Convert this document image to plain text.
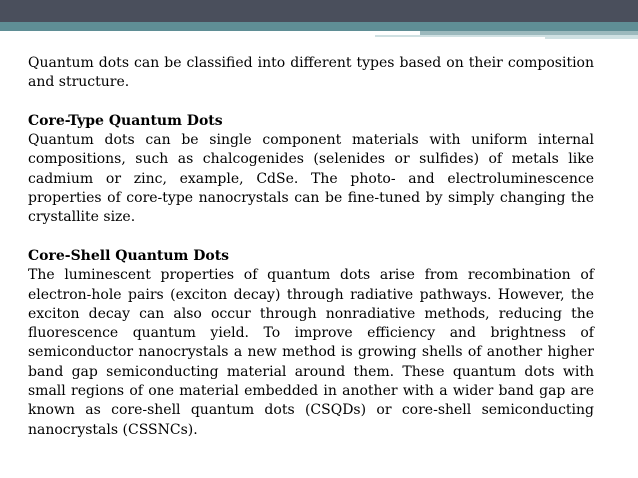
Quantum dots can be classified into different types based on their composition and structure.

Core-Type Quantum Dots

Quantum dots can be single component materials with uniform internal compositions, such as chalcogenides (selenides or sulfides) of metals like cadmium or zinc, example, CdSe. The photo- and electroluminescence properties of core-type nanocrystals can be fine-tuned by simply changing the crystallite size.

Core-Shell Quantum Dots

The luminescent properties of quantum dots arise from recombination of electron-hole pairs (exciton decay) through radiative pathways. However, the exciton decay can also occur through nonradiative methods, reducing the fluorescence quantum yield. To improve efficiency and brightness of semiconductor nanocrystals a new method is growing shells of another higher band gap semiconducting material around them. These quantum dots with small regions of one material embedded in another with a wider band gap are known as core-shell quantum dots (CSQDs) or core-shell semiconducting nanocrystals (CSSNCs).
